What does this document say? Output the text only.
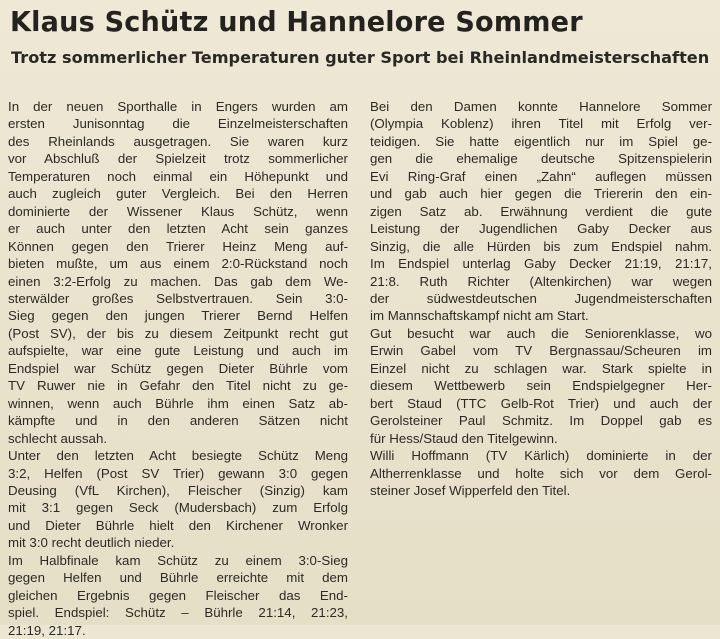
Klaus Schütz und Hannelore Sommer
Trotz sommerlicher Temperaturen guter Sport bei Rheinlandmeisterschaften
In der neuen Sporthalle in Engers wurden am
ersten Junisonntag die Einzelmeisterschaften
des Rheinlands ausgetragen. Sie waren kurz
vor Abschluß der Spielzeit trotz sommerlicher
Temperaturen noch einmal ein Höhepunkt und
auch zugleich guter Vergleich. Bei den Herren
dominierte der Wissener Klaus Schütz, wenn
er auch unter den letzten Acht sein ganzes
Können gegen den Trierer Heinz Meng auf-
bieten mußte, um aus einem 2:0-Rückstand noch
einen 3:2-Erfolg zu machen. Das gab dem We-
sterwälder großes Selbstvertrauen. Sein 3:0-
Sieg gegen den jungen Trierer Bernd Helfen
(Post SV), der bis zu diesem Zeitpunkt recht gut
aufspielte, war eine gute Leistung und auch im
Endspiel war Schütz gegen Dieter Bührle vom
TV Ruwer nie in Gefahr den Titel nicht zu ge-
winnen, wenn auch Bührle ihm einen Satz ab-
kämpfte und in den anderen Sätzen nicht
schlecht aussah.
Unter den letzten Acht besiegte Schütz Meng
3:2, Helfen (Post SV Trier) gewann 3:0 gegen
Deusing (VfL Kirchen), Fleischer (Sinzig) kam
mit 3:1 gegen Seck (Mudersbach) zum Erfolg
und Dieter Bührle hielt den Kirchener Wronker
mit 3:0 recht deutlich nieder.
Im Halbfinale kam Schütz zu einem 3:0-Sieg
gegen Helfen und Bührle erreichte mit dem
gleichen Ergebnis gegen Fleischer das End-
spiel. Endspiel: Schütz – Bührle 21:14, 21:23,
21:19, 21:17.
Bei den Damen konnte Hannelore Sommer
(Olympia Koblenz) ihren Titel mit Erfolg ver-
teidigen. Sie hatte eigentlich nur im Spiel ge-
gen die ehemalige deutsche Spitzenspielerin
Evi Ring-Graf einen „Zahn“ auflegen müssen
und gab auch hier gegen die Triererin den ein-
zigen Satz ab. Erwähnung verdient die gute
Leistung der Jugendlichen Gaby Decker aus
Sinzig, die alle Hürden bis zum Endspiel nahm.
Im Endspiel unterlag Gaby Decker 21:19, 21:17,
21:8. Ruth Richter (Altenkirchen) war wegen
der südwestdeutschen Jugendmeisterschaften
im Mannschaftskampf nicht am Start.
Gut besucht war auch die Seniorenklasse, wo
Erwin Gabel vom TV Bergnassau/Scheuren im
Einzel nicht zu schlagen war. Stark spielte in
diesem Wettbewerb sein Endspielgegner Her-
bert Staud (TTC Gelb-Rot Trier) und auch der
Gerolsteiner Paul Schmitz. Im Doppel gab es
für Hess/Staud den Titelgewinn.
Willi Hoffmann (TV Kärlich) dominierte in der
Altherrenklasse und holte sich vor dem Gerol-
steiner Josef Wipperfeld den Titel.
